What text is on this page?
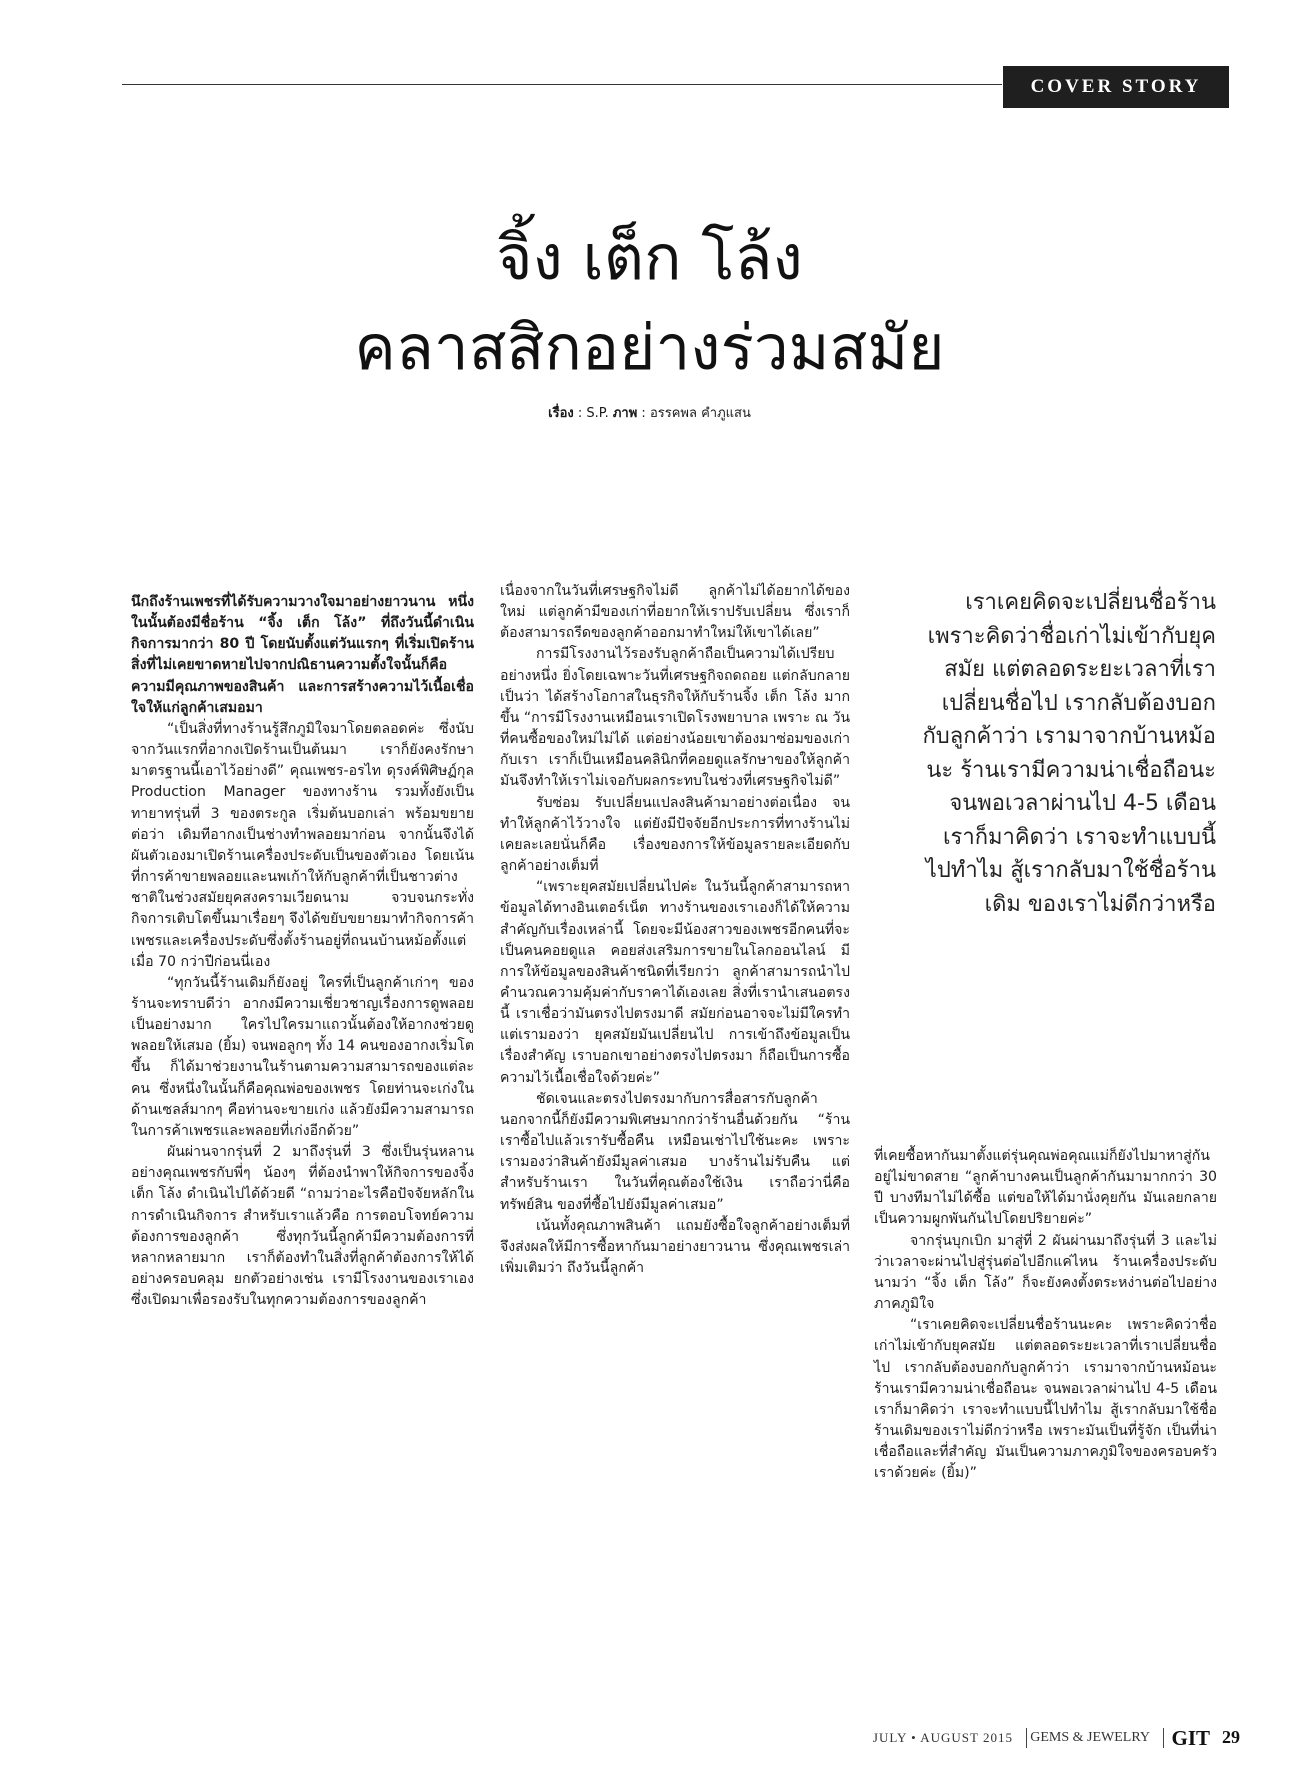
COVER STORY
จิ้ง เต็ก โล้ง
คลาสสิกอย่างร่วมสมัย
เรื่อง : S.P. ภาพ : อรรคพล คำภูแสน

นึกถึงร้านเพชรที่ได้รับความวางใจมาอย่างยาวนาน หนึ่งในนั้นต้องมีชื่อร้าน “จิ้ง เต็ก โล้ง” ที่ถึงวันนี้ดำเนินกิจการมากว่า 80 ปี โดยนับตั้งแต่วันแรกๆ ที่เริ่มเปิดร้าน สิ่งที่ไม่เคยขาดหายไปจากปณิธานความตั้งใจนั้นก็คือความมีคุณภาพของสินค้า และการสร้างความไว้เนื้อเชื่อใจให้แก่ลูกค้าเสมอมา

“เป็นสิ่งที่ทางร้านรู้สึกภูมิใจมาโดยตลอดค่ะ ซึ่งนับจากวันแรกที่อากงเปิดร้านเป็นต้นมา เราก็ยังคงรักษามาตรฐานนี้เอาไว้อย่างดี” คุณเพชร-อรไท ดุรงค์พิศิษฏ์กุล Production Manager ของทางร้าน รวมทั้งยังเป็นทายาทรุ่นที่ 3 ของตระกูล เริ่มต้นบอกเล่า พร้อมขยายต่อว่า เดิมทีอากงเป็นช่างทำพลอยมาก่อน จากนั้นจึงได้ผันตัวเองมาเปิดร้านเครื่องประดับเป็นของตัวเอง โดยเน้นที่การค้าขายพลอยและนพเก้าให้กับลูกค้าที่เป็นชาวต่างชาติในช่วงสมัยยุคสงครามเวียดนาม จวบจนกระทั่งกิจการเติบโตขึ้นมาเรื่อยๆ จึงได้ขยับขยายมาทำกิจการค้าเพชรและเครื่องประดับซึ่งตั้งร้านอยู่ที่ถนนบ้านหม้อตั้งแต่เมื่อ 70 กว่าปีก่อนนี่เอง

“ทุกวันนี้ร้านเดิมก็ยังอยู่ ใครที่เป็นลูกค้าเก่าๆ ของร้านจะทราบดีว่า อากงมีความเชี่ยวชาญเรื่องการดูพลอยเป็นอย่างมาก ใครไปใครมาแถวนั้นต้องให้อากงช่วยดูพลอยให้เสมอ (ยิ้ม) จนพอลูกๆ ทั้ง 14 คนของอากงเริ่มโตขึ้น ก็ได้มาช่วยงานในร้านตามความสามารถของแต่ละคน ซึ่งหนึ่งในนั้นก็คือคุณพ่อของเพชร โดยท่านจะเก่งในด้านเซลส์มากๆ คือท่านจะขายเก่ง แล้วยังมีความสามารถในการค้าเพชรและพลอยที่เก่งอีกด้วย”

ผันผ่านจากรุ่นที่ 2 มาถึงรุ่นที่ 3 ซึ่งเป็นรุ่นหลานอย่างคุณเพชรกับพี่ๆ น้องๆ ที่ต้องนำพาให้กิจการของจิ้ง เต็ก โล้ง ดำเนินไปได้ด้วยดี “ถามว่าอะไรคือปัจจัยหลักในการดำเนินกิจการ สำหรับเราแล้วคือ การตอบโจทย์ความต้องการของลูกค้า ซึ่งทุกวันนี้ลูกค้ามีความต้องการที่หลากหลายมาก เราก็ต้องทำในสิ่งที่ลูกค้าต้องการให้ได้อย่างครอบคลุม ยกตัวอย่างเช่น เรามีโรงงานของเราเอง ซึ่งเปิดมาเพื่อรองรับในทุกความต้องการของลูกค้า

เนื่องจากในวันที่เศรษฐกิจไม่ดี ลูกค้าไม่ได้อยากได้ของใหม่ แต่ลูกค้ามีของเก่าที่อยากให้เราปรับเปลี่ยน ซึ่งเราก็ต้องสามารถรีดของลูกค้าออกมาทำใหม่ให้เขาได้เลย”

การมีโรงงานไว้รองรับลูกค้าถือเป็นความได้เปรียบอย่างหนึ่ง ยิ่งโดยเฉพาะวันที่เศรษฐกิจถดถอย แต่กลับกลายเป็นว่า ได้สร้างโอกาสในธุรกิจให้กับร้านจิ้ง เต็ก โล้ง มากขึ้น “การมีโรงงานเหมือนเราเปิดโรงพยาบาล เพราะ ณ วันที่คนซื้อของใหม่ไม่ได้ แต่อย่างน้อยเขาต้องมาซ่อมของเก่ากับเรา เราก็เป็นเหมือนคลินิกที่คอยดูแลรักษาของให้ลูกค้า มันจึงทำให้เราไม่เจอกับผลกระทบในช่วงที่เศรษฐกิจไม่ดี”

รับซ่อม รับเปลี่ยนแปลงสินค้ามาอย่างต่อเนื่อง จนทำให้ลูกค้าไว้วางใจ แต่ยังมีปัจจัยอีกประการที่ทางร้านไม่เคยละเลยนั่นก็คือ เรื่องของการให้ข้อมูลรายละเอียดกับลูกค้าอย่างเต็มที่

“เพราะยุคสมัยเปลี่ยนไปค่ะ ในวันนี้ลูกค้าสามารถหาข้อมูลได้ทางอินเตอร์เน็ต ทางร้านของเราเองก็ได้ให้ความสำคัญกับเรื่องเหล่านี้ โดยจะมีน้องสาวของเพชรอีกคนที่จะเป็นคนคอยดูแล คอยส่งเสริมการขายในโลกออนไลน์ มีการให้ข้อมูลของสินค้าชนิดที่เรียกว่า ลูกค้าสามารถนำไปคำนวณความคุ้มค่ากับราคาได้เองเลย สิ่งที่เรานำเสนอตรงนี้ เราเชื่อว่ามันตรงไปตรงมาดี สมัยก่อนอาจจะไม่มีใครทำ แต่เรามองว่า ยุคสมัยมันเปลี่ยนไป การเข้าถึงข้อมูลเป็นเรื่องสำคัญ เราบอกเขาอย่างตรงไปตรงมา ก็ถือเป็นการซื้อความไว้เนื้อเชื่อใจด้วยค่ะ”

ชัดเจนและตรงไปตรงมากับการสื่อสารกับลูกค้า นอกจากนี้ก็ยังมีความพิเศษมากกว่าร้านอื่นด้วยกัน “ร้านเราซื้อไปแล้วเรารับซื้อคืน เหมือนเช่าไปใช้นะคะ เพราะเรามองว่าสินค้ายังมีมูลค่าเสมอ บางร้านไม่รับคืน แต่สำหรับร้านเรา ในวันที่คุณต้องใช้เงิน เราถือว่านี่คือทรัพย์สิน ของที่ซื้อไปยังมีมูลค่าเสมอ”

เน้นทั้งคุณภาพสินค้า แถมยังซื้อใจลูกค้าอย่างเต็มที่ จึงส่งผลให้มีการซื้อหากันมาอย่างยาวนาน ซึ่งคุณเพชรเล่าเพิ่มเติมว่า ถึงวันนี้ลูกค้า

เราเคยคิดจะเปลี่ยนชื่อร้าน เพราะคิดว่าชื่อเก่าไม่เข้ากับยุคสมัย แต่ตลอดระยะเวลาที่เราเปลี่ยนชื่อไป เรากลับต้องบอกกับลูกค้าว่า เรามาจากบ้านหม้อนะ ร้านเรามีความน่าเชื่อถือนะ จนพอเวลาผ่านไป 4-5 เดือน เราก็มาคิดว่า เราจะทำแบบนี้ไปทำไม สู้เรากลับมาใช้ชื่อร้านเดิม ของเราไม่ดีกว่าหรือ

ที่เคยซื้อหากันมาตั้งแต่รุ่นคุณพ่อคุณแม่ก็ยังไปมาหาสู่กันอยู่ไม่ขาดสาย “ลูกค้าบางคนเป็นลูกค้ากันมามากกว่า 30 ปี บางทีมาไม่ได้ซื้อ แต่ขอให้ได้มานั่งคุยกัน มันเลยกลายเป็นความผูกพันกันไปโดยปริยายค่ะ”

จากรุ่นบุกเบิก มาสู่ที่ 2 ผันผ่านมาถึงรุ่นที่ 3 และไม่ว่าเวลาจะผ่านไปสู่รุ่นต่อไปอีกแค่ไหน ร้านเครื่องประดับนามว่า “จิ้ง เต็ก โล้ง” ก็จะยังคงตั้งตระหง่านต่อไปอย่างภาคภูมิใจ

“เราเคยคิดจะเปลี่ยนชื่อร้านนะคะ เพราะคิดว่าชื่อเก่าไม่เข้ากับยุคสมัย แต่ตลอดระยะเวลาที่เราเปลี่ยนชื่อไป เรากลับต้องบอกกับลูกค้าว่า เรามาจากบ้านหม้อนะ ร้านเรามีความน่าเชื่อถือนะ จนพอเวลาผ่านไป 4-5 เดือน เราก็มาคิดว่า เราจะทำแบบนี้ไปทำไม สู้เรากลับมาใช้ชื่อร้านเดิมของเราไม่ดีกว่าหรือ เพราะมันเป็นที่รู้จัก เป็นที่น่าเชื่อถือและที่สำคัญ มันเป็นความภาคภูมิใจของครอบครัวเราด้วยค่ะ (ยิ้ม)”

JULY • AUGUST 2015 GEMS & JEWELRY GIT 29
